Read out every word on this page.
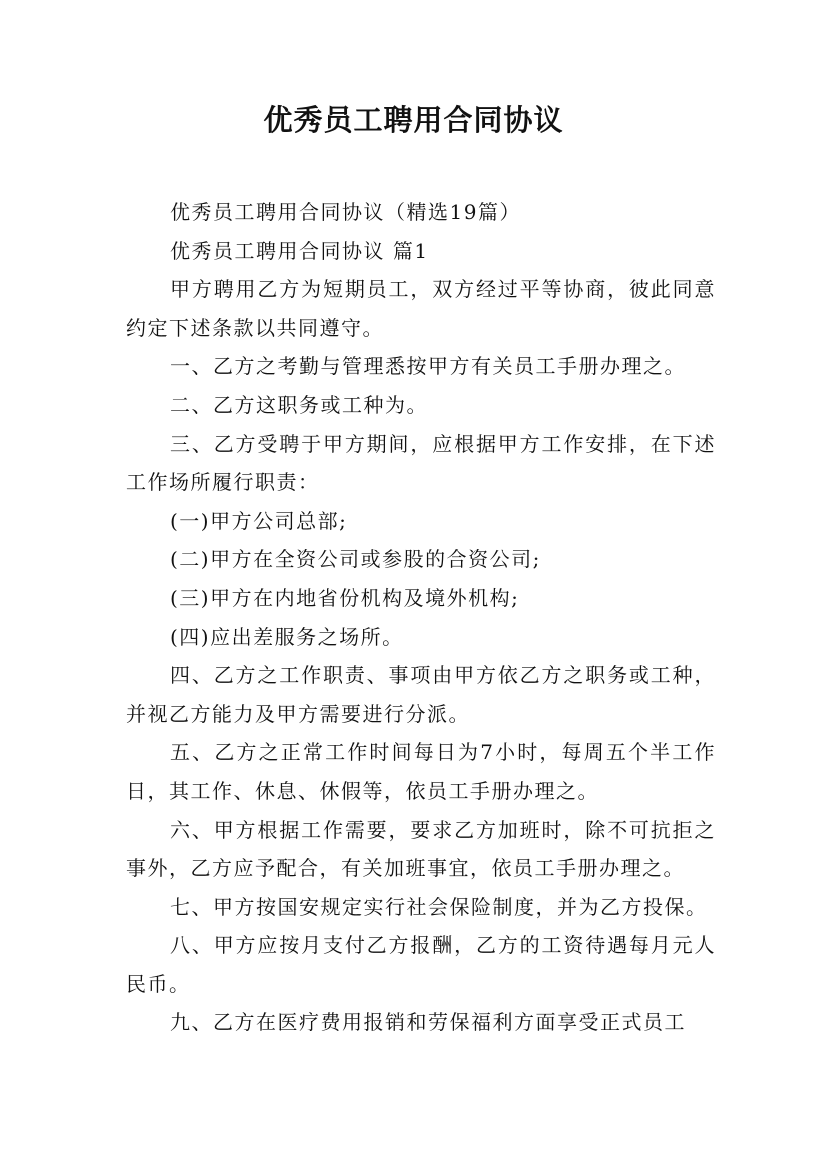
优秀员工聘用合同协议

优秀员工聘用合同协议（精选19篇）

优秀员工聘用合同协议 篇1

甲方聘用乙方为短期员工，双方经过平等协商，彼此同意约定下述条款以共同遵守。

一、乙方之考勤与管理悉按甲方有关员工手册办理之。

二、乙方这职务或工种为。

三、乙方受聘于甲方期间，应根据甲方工作安排，在下述工作场所履行职责：

(一)甲方公司总部;

(二)甲方在全资公司或参股的合资公司;

(三)甲方在内地省份机构及境外机构;

(四)应出差服务之场所。

四、乙方之工作职责、事项由甲方依乙方之职务或工种，并视乙方能力及甲方需要进行分派。

五、乙方之正常工作时间每日为7小时，每周五个半工作日，其工作、休息、休假等，依员工手册办理之。

六、甲方根据工作需要，要求乙方加班时，除不可抗拒之事外，乙方应予配合，有关加班事宜，依员工手册办理之。

七、甲方按国安规定实行社会保险制度，并为乙方投保。

八、甲方应按月支付乙方报酬，乙方的工资待遇每月元人民币。

九、乙方在医疗费用报销和劳保福利方面享受正式员工
